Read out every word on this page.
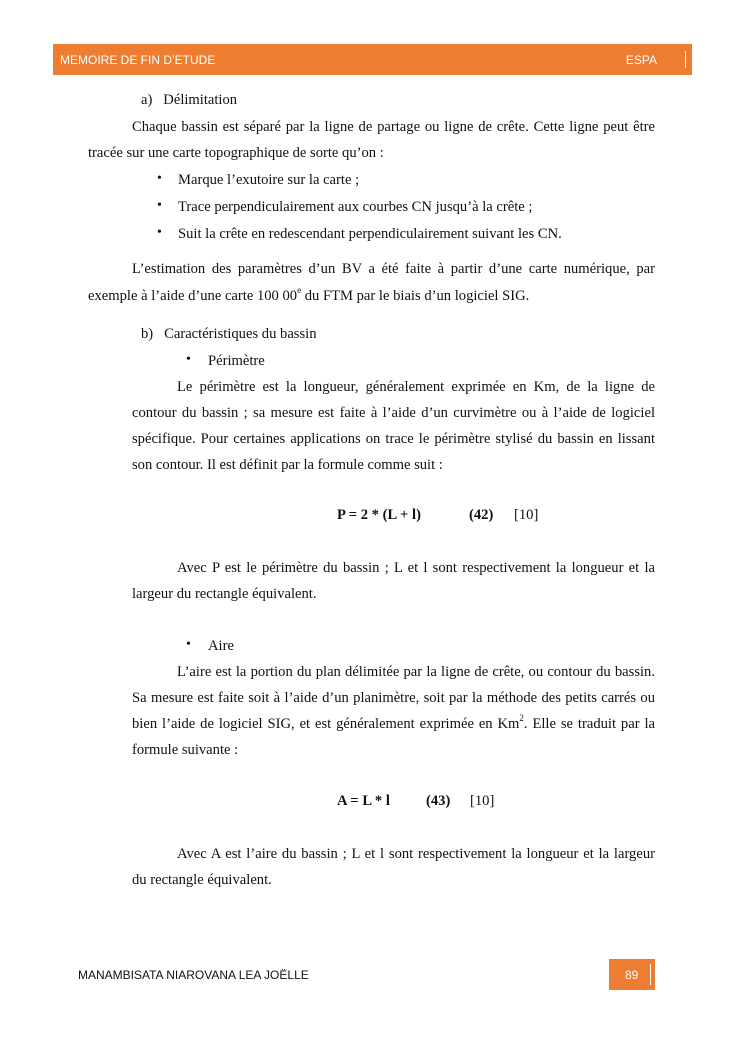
MEMOIRE DE FIN D’ETUDE	ESPA
a) Délimitation
Chaque bassin est séparé par la ligne de partage ou ligne de crête. Cette ligne peut être
tracée sur une carte topographique de sorte qu’on :
• Marque l’exutoire sur la carte ;
• Trace perpendiculairement aux courbes CN jusqu’à la crête ;
• Suit la crête en redescendant perpendiculairement suivant les CN.
L’estimation des paramètres d’un BV a été faite à partir d’une carte numérique, par
exemple à l’aide d’une carte 100 00e du FTM par le biais d’un logiciel SIG.
b) Caractéristiques du bassin
• Périmètre
Le périmètre est la longueur, généralement exprimée en Km, de la ligne de
contour du bassin ; sa mesure est faite à l’aide d’un curvimètre ou à l’aide de logiciel
spécifique. Pour certaines applications on trace le périmètre stylisé du bassin en lissant
son contour. Il est définit par la formule comme suit :
P = 2 * (L + l)	(42) [10]
Avec P est le périmètre du bassin ; L et l sont respectivement la longueur et la
largeur du rectangle équivalent.
• Aire
L’aire est la portion du plan délimitée par la ligne de crête, ou contour du bassin.
Sa mesure est faite soit à l’aide d’un planimètre, soit par la méthode des petits carrés ou
bien l’aide de logiciel SIG, et est généralement exprimée en Km$^2$. Elle se traduit par la
formule suivante :
A = L * l (43) [10]
Avec A est l’aire du bassin ; L et l sont respectivement la longueur et la largeur
du rectangle équivalent.
MANAMBISATA NIAROVANA LEA JOËLLE	89
